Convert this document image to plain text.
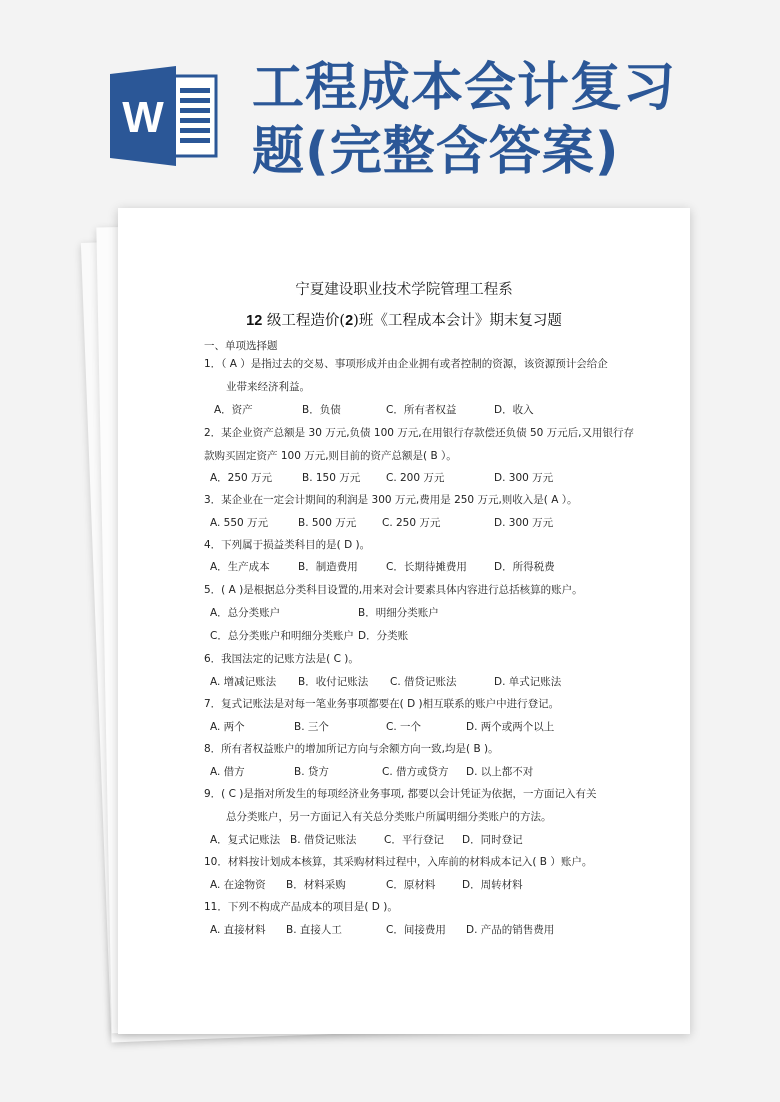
W 工程成本会计复习
题(完整含答案)
宁夏建设职业技术学院管理工程系
12 级工程造价(2)班《工程成本会计》期末复习题
一、单项选择题
1．（ A ）是指过去的交易、事项形成并由企业拥有或者控制的资源，该资源预计会给企
业带来经济利益。
A．资产	B．负债	C．所有者权益	D．收入
2．某企业资产总额是 30 万元,负债 100 万元,在用银行存款偿还负债 50 万元后,又用银行存
款购买固定资产 100 万元,则目前的资产总额是( B ）。
A．250 万元	B. 150 万元 C. 200 万元	D. 300 万元
3．某企业在一定会计期间的利润是 300 万元,费用是 250 万元,则收入是( A ）。
A. 550 万元	B. 500 万元 C. 250 万元	D. 300 万元
4．下列属于损益类科目的是( D )。
A．生产成本	B．制造费用	C．长期待摊费用	D．所得税费
5．( A )是根据总分类科目设置的,用来对会计要素具体内容进行总括核算的账户。
A．总分类账户	B．明细分类账户
C．总分类账户和明细分类账户 D．分类账
6．我国法定的记账方法是( C )。
A. 增减记账法 B．收付记账法 C. 借贷记账法	D. 单式记账法
7．复式记账法是对每一笔业务事项都要在( D )相互联系的账户中进行登记。
A. 两个	B. 三个	C. 一个	D. 两个或两个以上
8．所有者权益账户的增加所记方向与余额方向一致,均是( B )。
A. 借方	B. 贷方	C. 借方或贷方 D. 以上都不对
9．( C )是指对所发生的每项经济业务事项, 都要以会计凭证为依据，一方面记入有关
总分类账户，另一方面记入有关总分类账户所属明细分类账户的方法。
A．复式记账法 B. 借贷记账法	C．平行登记 D．同时登记
10．材料按计划成本核算，其采购材料过程中，入库前的材料成本记入( B ）账户。
A. 在途物资 B．材料采购	C．原材料	D．周转材料
11．下列不构成产品成本的项目是( D )。
A. 直接材料 B. 直接人工	C．间接费用 D. 产品的销售费用
